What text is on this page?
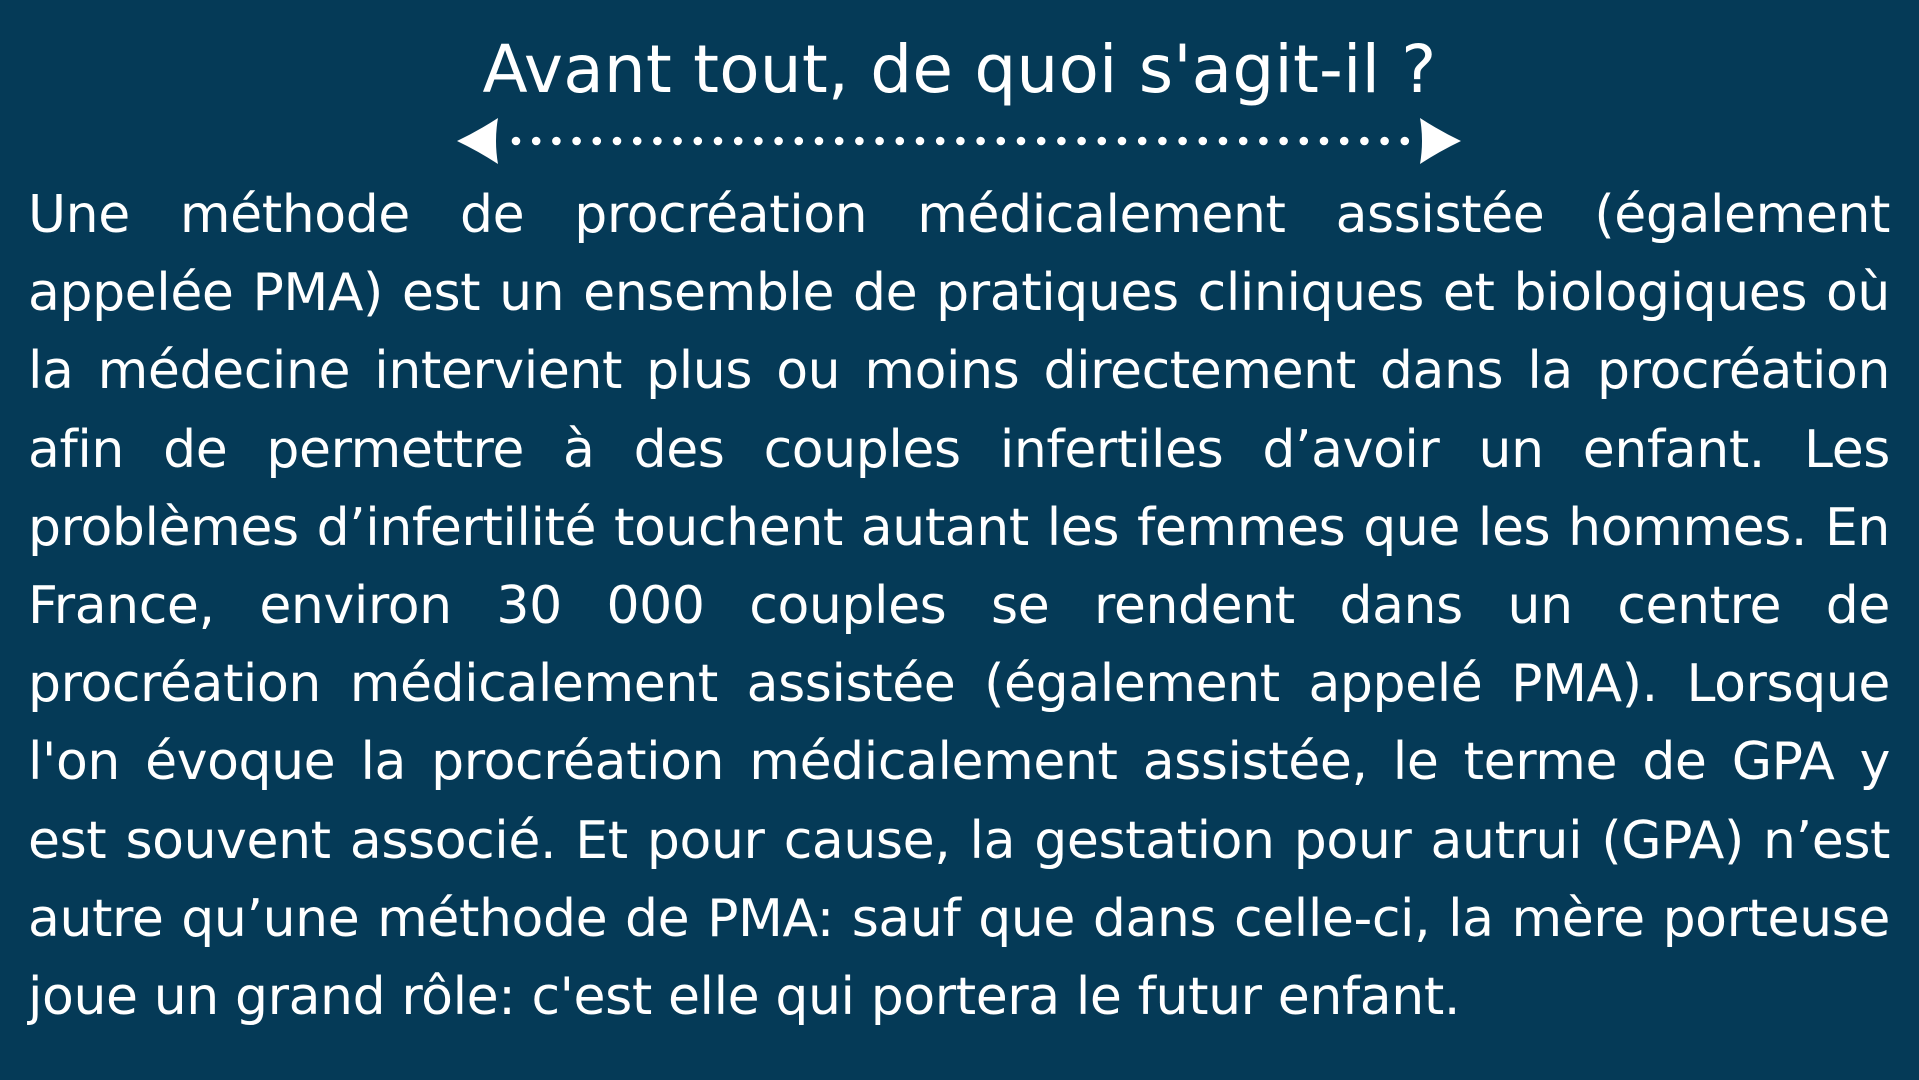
Avant tout, de quoi s'agit-il ?
Une méthode de procréation médicalement assistée (également appelée PMA) est un ensemble de pratiques cliniques et biologiques où la médecine intervient plus ou moins directement dans la procréation afin de permettre à des couples infertiles d’avoir un enfant. Les problèmes d’infertilité touchent autant les femmes que les hommes. En France, environ 30 000 couples se rendent dans un centre de procréation médicalement assistée (également appelé PMA). Lorsque l'on évoque la procréation médicalement assistée, le terme de GPA y est souvent associé. Et pour cause, la gestation pour autrui (GPA) n’est autre qu’une méthode de PMA: sauf que dans celle-ci, la mère porteuse joue un grand rôle: c'est elle qui portera le futur enfant.
